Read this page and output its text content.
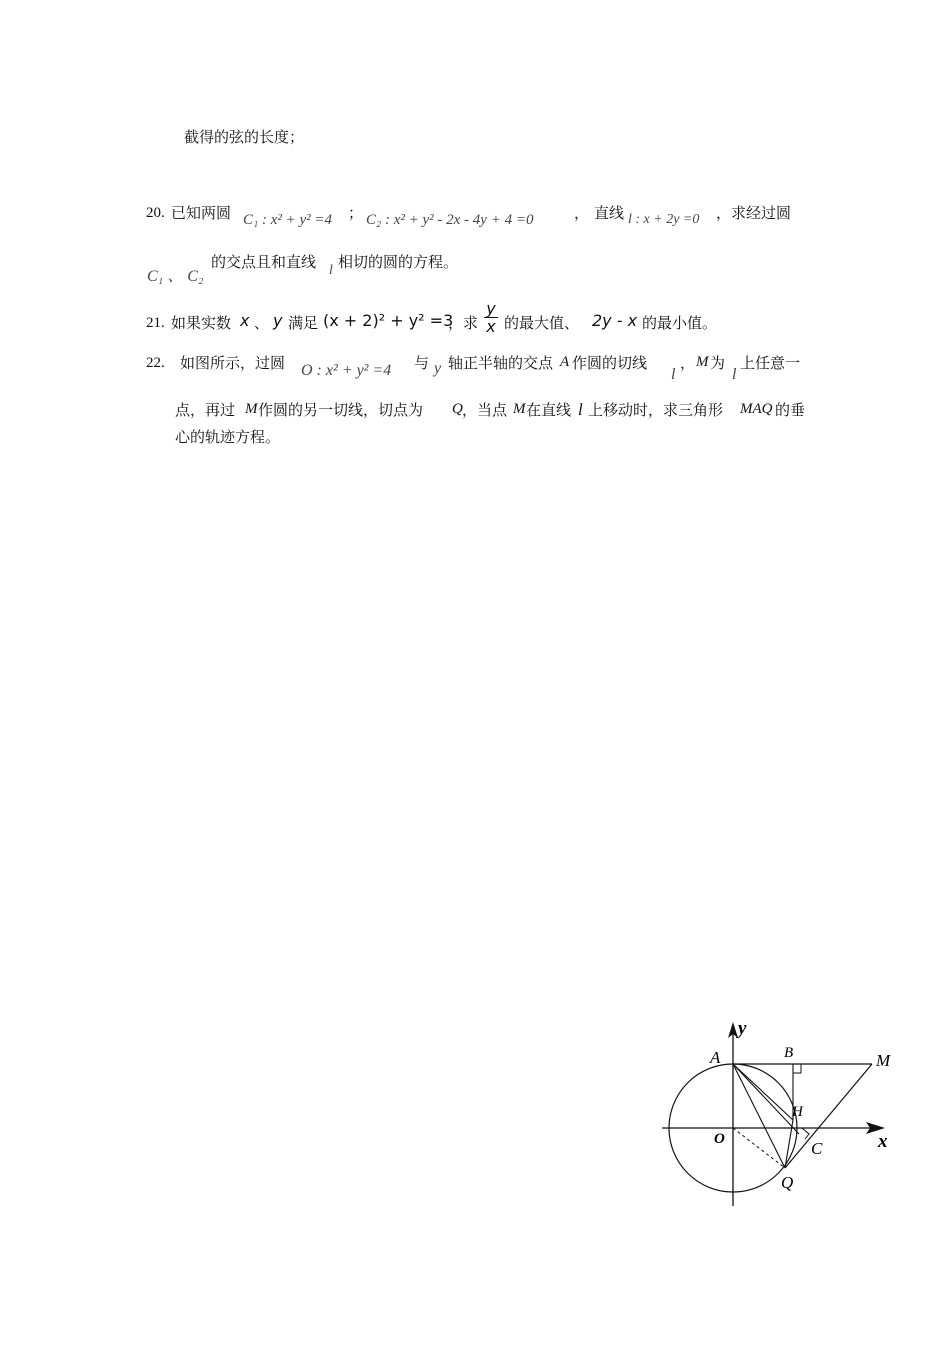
截得的弦的长度；
20. 已知两圆 C₁ : x² + y² =4 ； C₂ : x² + y² - 2x - 4y + 4 =0	， 直线 l : x + 2y =0 ，求经过圆
C₁ 、 C₂
的交点且和直线 l 相切的圆的方程。
21. 如果实数 x 、 y 满足 (x + 2)² + y² =3
，求
y
x 的最大值、 2y - x 的最小值。
22. 如图所示，过圆 O : x² + y² =4 与 y 轴正半轴的交点 A 作圆的切线
l
， M 为
l
上任意一
点，再过 M 作圆的另一切线，切点为 Q ，当点 M 在直线 l 上移动时，求三角形 MAQ 的垂
心的轨迹方程。
y
x
A	B	M
H
O	C
Q
